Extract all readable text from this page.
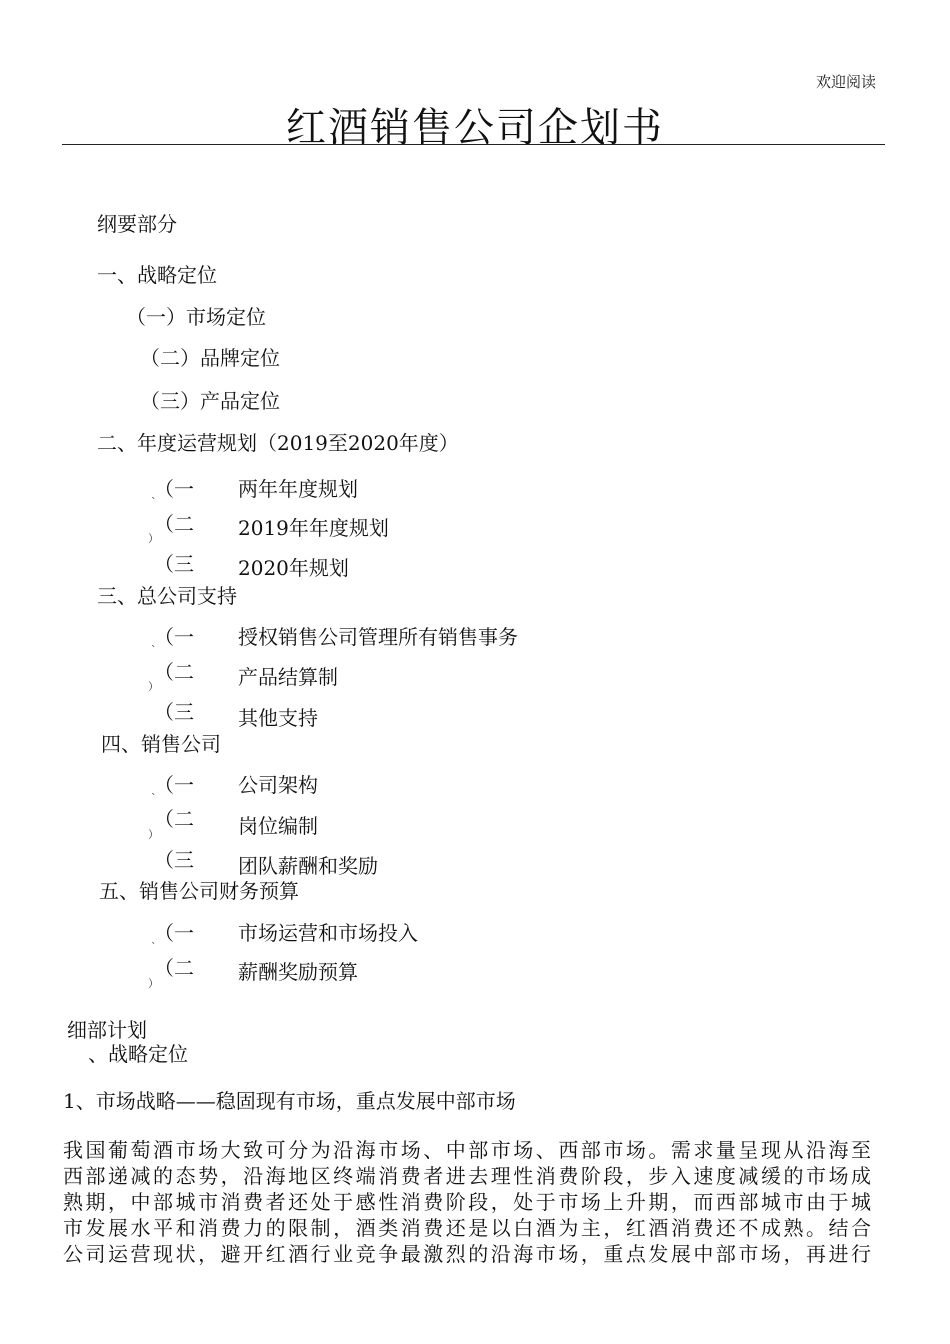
欢迎阅读
红酒销售公司企划书
纲要部分
一、战略定位
（一）市场定位
（二）品牌定位
（三）产品定位
二、年度运营规划（2019至2020年度）
（一 两年年度规划
`
（二 2019年年度规划
）
（三 2020年规划
三、总公司支持
（一 授权销售公司管理所有销售事务
`
（二 产品结算制
）
（三 其他支持
四、销售公司
（一 公司架构
`
（二 岗位编制
）
（三 团队薪酬和奖励
五、销售公司财务预算
（一 市场运营和市场投入
`
（二 薪酬奖励预算
）
细部计划
、战略定位
1、市场战略——稳固现有市场，重点发展中部市场
我国葡萄酒市场大致可分为沿海市场、中部市场、西部市场。需求量呈现从沿海至
西部递减的态势，沿海地区终端消费者进去理性消费阶段，步入速度减缓的市场成
熟期，中部城市消费者还处于感性消费阶段，处于市场上升期，而西部城市由于城
市发展水平和消费力的限制，酒类消费还是以白酒为主，红酒消费还不成熟。结合
公司运营现状，避开红酒行业竞争最激烈的沿海市场，重点发展中部市场，再进行
